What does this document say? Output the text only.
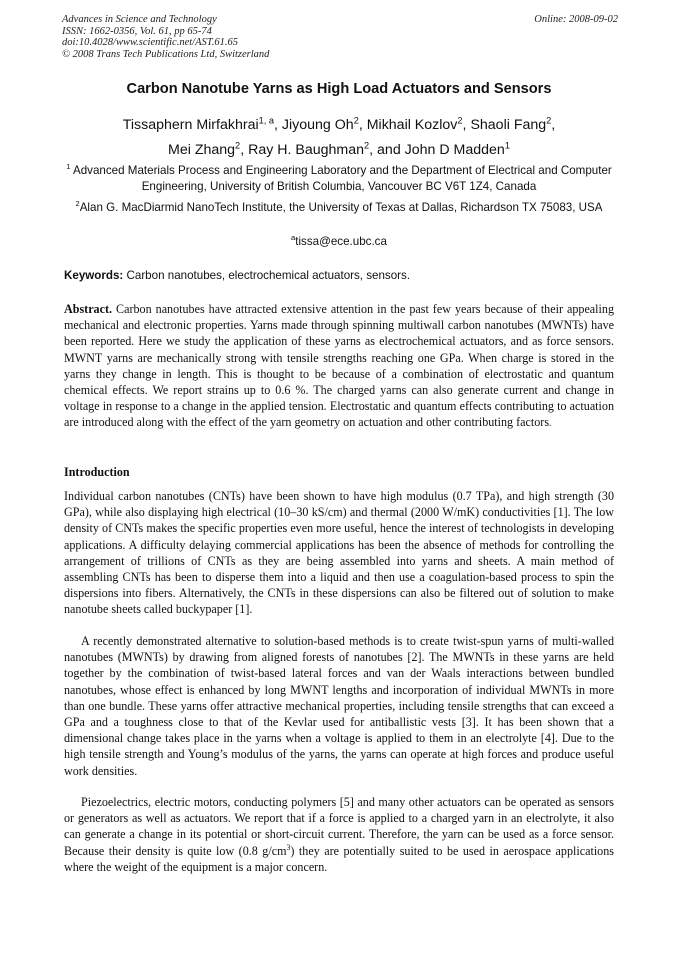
Advances in Science and Technology
ISSN: 1662-0356, Vol. 61, pp 65-74
doi:10.4028/www.scientific.net/AST.61.65
© 2008 Trans Tech Publications Ltd, Switzerland
Online: 2008-09-02
Carbon Nanotube Yarns as High Load Actuators and Sensors
Tissaphern Mirfakhrai$^{1, a}$, Jiyoung Oh$^2$, Mikhail Kozlov$^2$, Shaoli Fang$^2$,
Mei Zhang$^2$, Ray H. Baughman$^2$, and John D Madden$^1$
$^1$ Advanced Materials Process and Engineering Laboratory and the Department of Electrical and Computer Engineering, University of British Columbia, Vancouver BC V6T 1Z4, Canada
$^2$Alan G. MacDiarmid NanoTech Institute, the University of Texas at Dallas, Richardson TX 75083, USA
$^a$tissa@ece.ubc.ca
Keywords: Carbon nanotubes, electrochemical actuators, sensors.
Abstract. Carbon nanotubes have attracted extensive attention in the past few years because of their appealing mechanical and electronic properties. Yarns made through spinning multiwall carbon nanotubes (MWNTs) have been reported. Here we study the application of these yarns as electrochemical actuators, and as force sensors. MWNT yarns are mechanically strong with tensile strengths reaching one GPa. When charge is stored in the yarns they change in length. This is thought to be because of a combination of electrostatic and quantum chemical effects. We report strains up to 0.6 %. The charged yarns can also generate current and change in voltage in response to a change in the applied tension. Electrostatic and quantum effects contributing to actuation are introduced along with the effect of the yarn geometry on actuation and other contributing factors.
Introduction
Individual carbon nanotubes (CNTs) have been shown to have high modulus (0.7 TPa), and high strength (30 GPa), while also displaying high electrical (10–30 kS/cm) and thermal (2000 W/mK) conductivities [1]. The low density of CNTs makes the specific properties even more useful, hence the interest of technologists in developing applications. A difficulty delaying commercial applications has been the absence of methods for controlling the arrangement of trillions of CNTs as they are being assembled into yarns and sheets. A main method of assembling CNTs has been to disperse them into a liquid and then use a coagulation-based process to spin the dispersions into fibers. Alternatively, the CNTs in these dispersions can also be filtered out of solution to make nanotube sheets called buckypaper [1].
A recently demonstrated alternative to solution-based methods is to create twist-spun yarns of multi-walled nanotubes (MWNTs) by drawing from aligned forests of nanotubes [2]. The MWNTs in these yarns are held together by the combination of twist-based lateral forces and van der Waals interactions between bundled nanotubes, whose effect is enhanced by long MWNT lengths and incorporation of individual MWNTs in more than one bundle. These yarns offer attractive mechanical properties, including tensile strengths that can exceed a GPa and a toughness close to that of the Kevlar used for antiballistic vests [3]. It has been shown that a dimensional change takes place in the yarns when a voltage is applied to them in an electrolyte [4]. Due to the high tensile strength and Young’s modulus of the yarns, the yarns can operate at high forces and produce useful work densities.
Piezoelectrics, electric motors, conducting polymers [5] and many other actuators can be operated as sensors or generators as well as actuators. We report that if a force is applied to a charged yarn in an electrolyte, it also can generate a change in its potential or short-circuit current. Therefore, the yarn can be used as a force sensor. Because their density is quite low (0.8 $g/cm^3$) they are potentially suited to be used in aerospace applications where the weight of the equipment is a major concern.
